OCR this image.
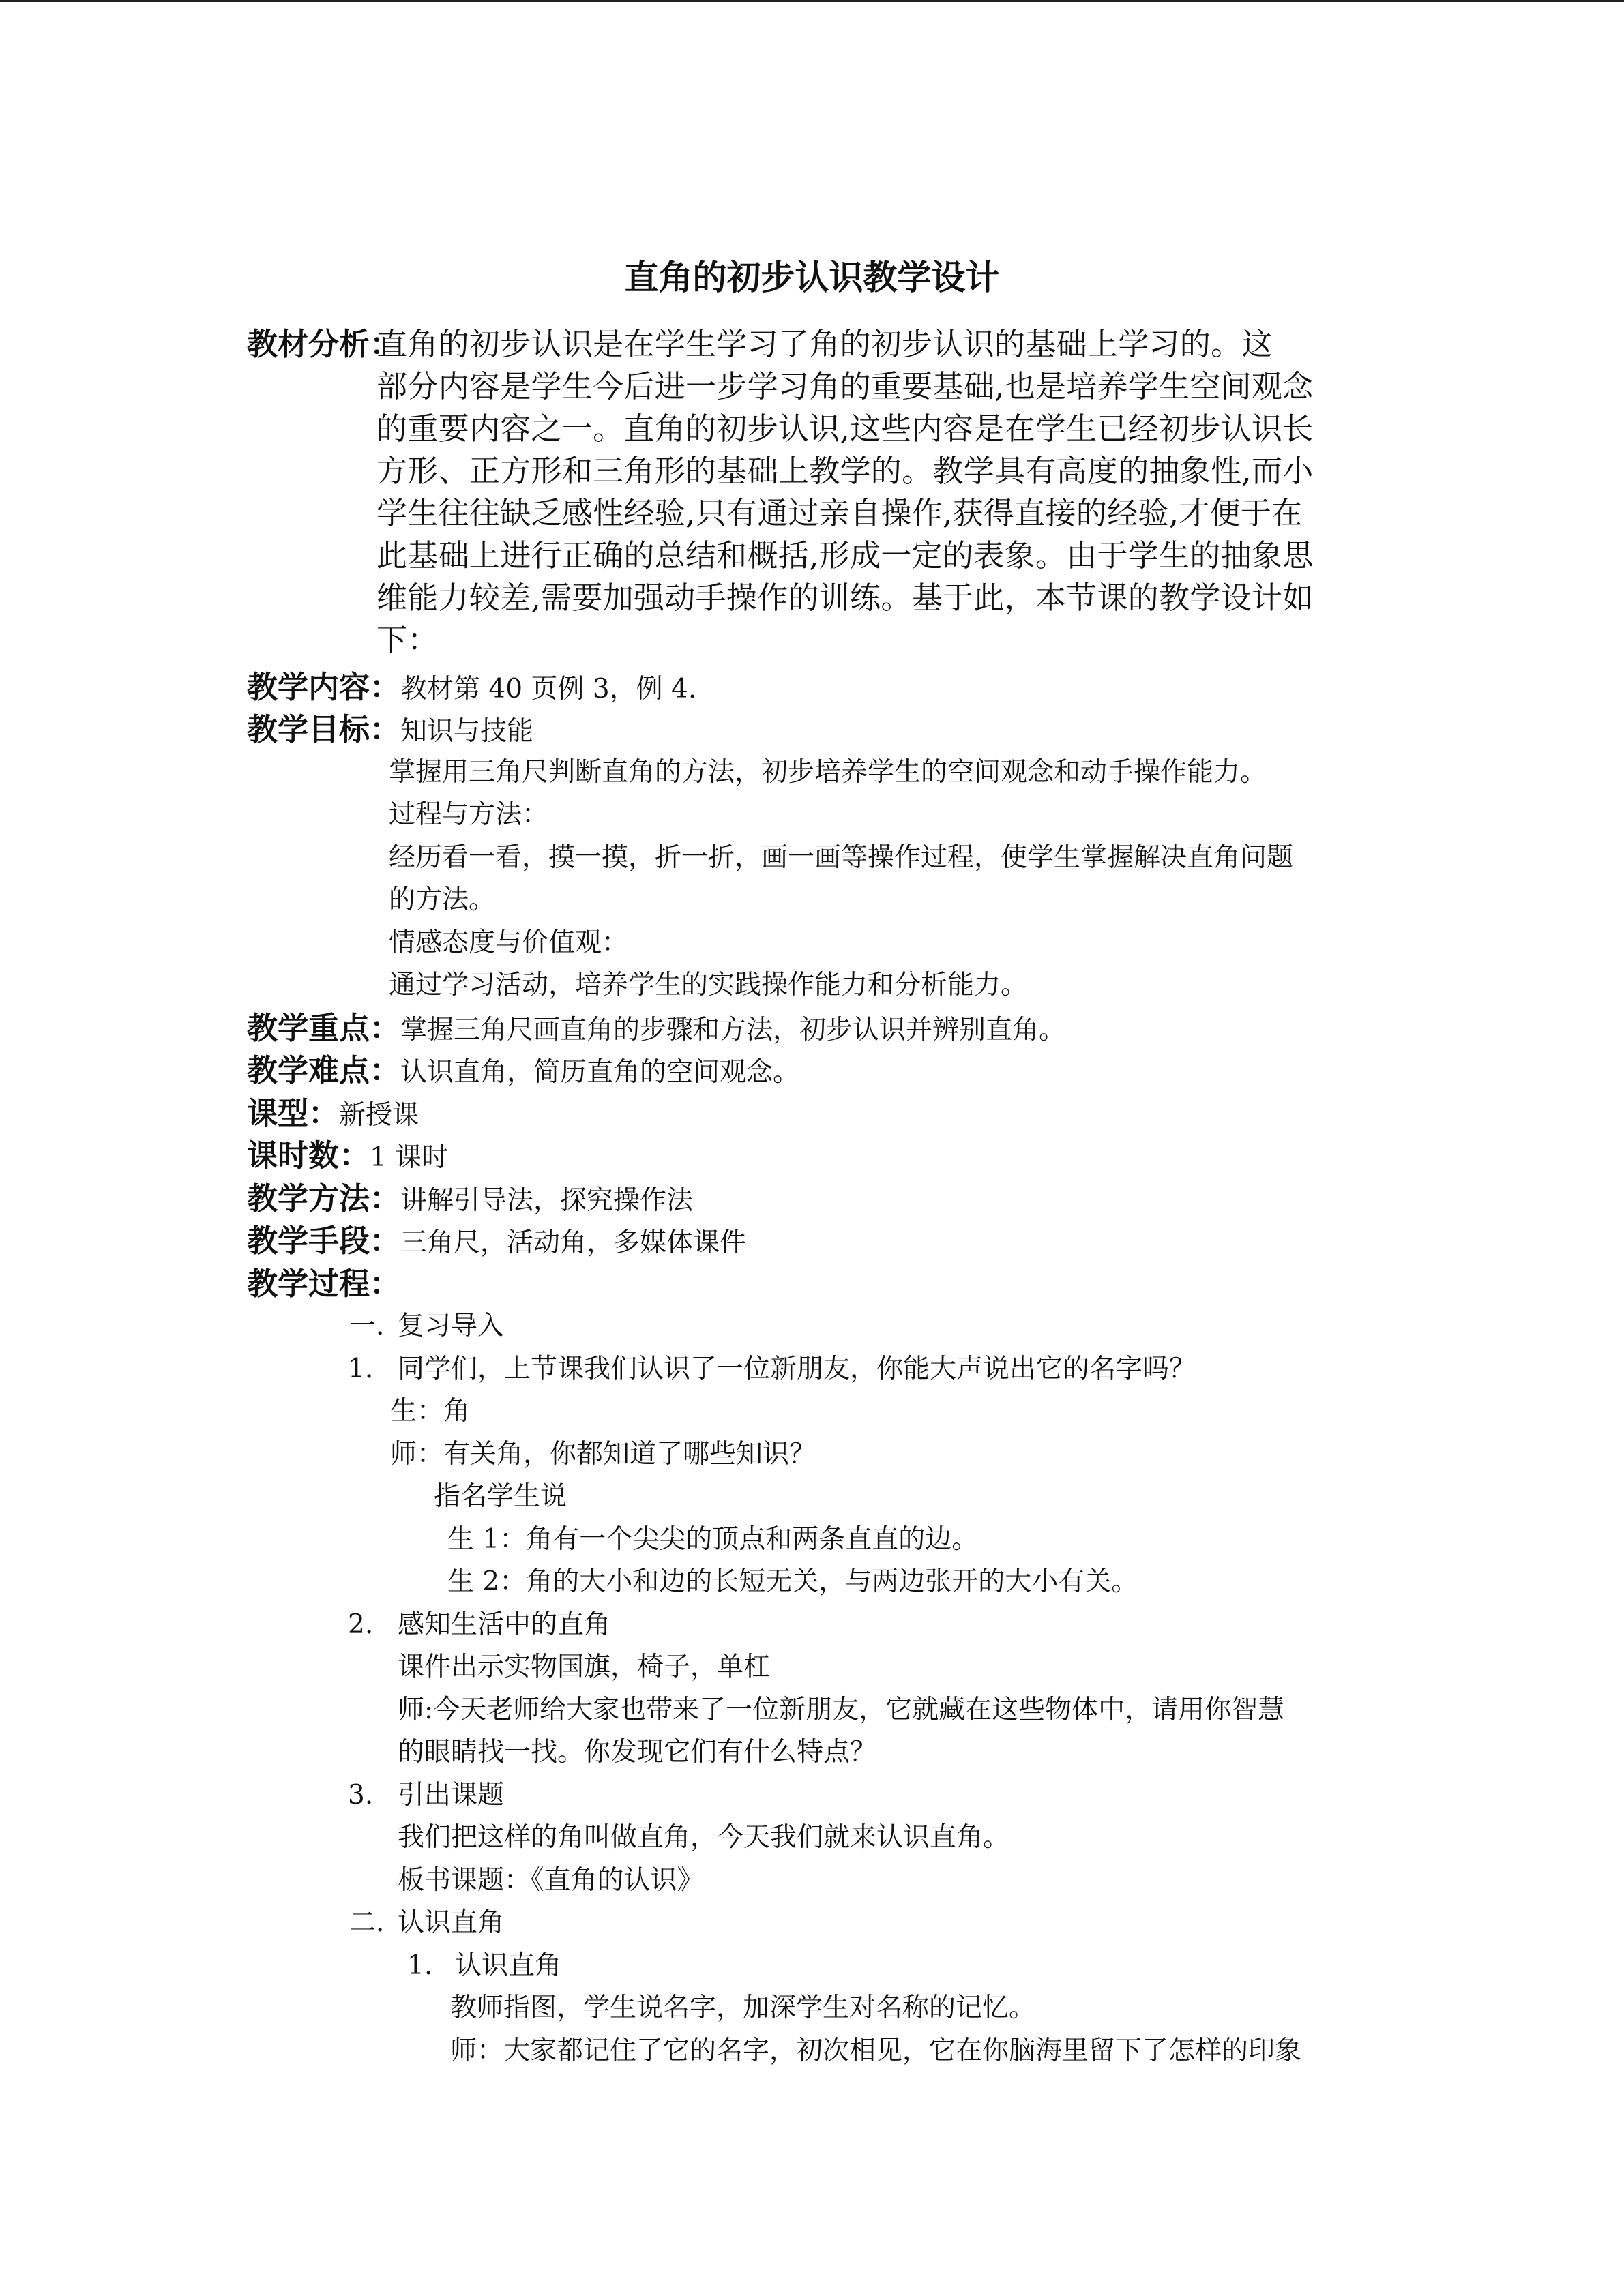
直角的初步认识教学设计
教材分析：
直角的初步认识是在学生学习了角的初步认识的基础上学习的。这
部分内容是学生今后进一步学习角的重要基础,也是培养学生空间观念
的重要内容之一。直角的初步认识,这些内容是在学生已经初步认识长
方形、正方形和三角形的基础上教学的。教学具有高度的抽象性,而小
学生往往缺乏感性经验,只有通过亲自操作,获得直接的经验,才便于在
此基础上进行正确的总结和概括,形成一定的表象。由于学生的抽象思
维能力较差,需要加强动手操作的训练。基于此，本节课的教学设计如
下：
教学内容：教材第 40 页例 3，例 4.
教学目标：知识与技能
掌握用三角尺判断直角的方法，初步培养学生的空间观念和动手操作能力。
过程与方法：
经历看一看，摸一摸，折一折，画一画等操作过程，使学生掌握解决直角问题
的方法。
情感态度与价值观：
通过学习活动，培养学生的实践操作能力和分析能力。
教学重点：掌握三角尺画直角的步骤和方法，初步认识并辨别直角。
教学难点：认识直角，简历直角的空间观念。
课型：新授课
课时数：1 课时
教学方法：讲解引导法，探究操作法
教学手段：三角尺，活动角，多媒体课件
教学过程：
一. 复习导入
1. 同学们，上节课我们认识了一位新朋友，你能大声说出它的名字吗？
生：角
师：有关角，你都知道了哪些知识？
指名学生说
生 1：角有一个尖尖的顶点和两条直直的边。
生 2：角的大小和边的长短无关，与两边张开的大小有关。
2. 感知生活中的直角
课件出示实物国旗，椅子，单杠
师:今天老师给大家也带来了一位新朋友，它就藏在这些物体中，请用你智慧
的眼睛找一找。你发现它们有什么特点？
3. 引出课题
我们把这样的角叫做直角，今天我们就来认识直角。
板书课题：《直角的认识》
二. 认识直角
1. 认识直角
教师指图，学生说名字，加深学生对名称的记忆。
师：大家都记住了它的名字，初次相见，它在你脑海里留下了怎样的印象
